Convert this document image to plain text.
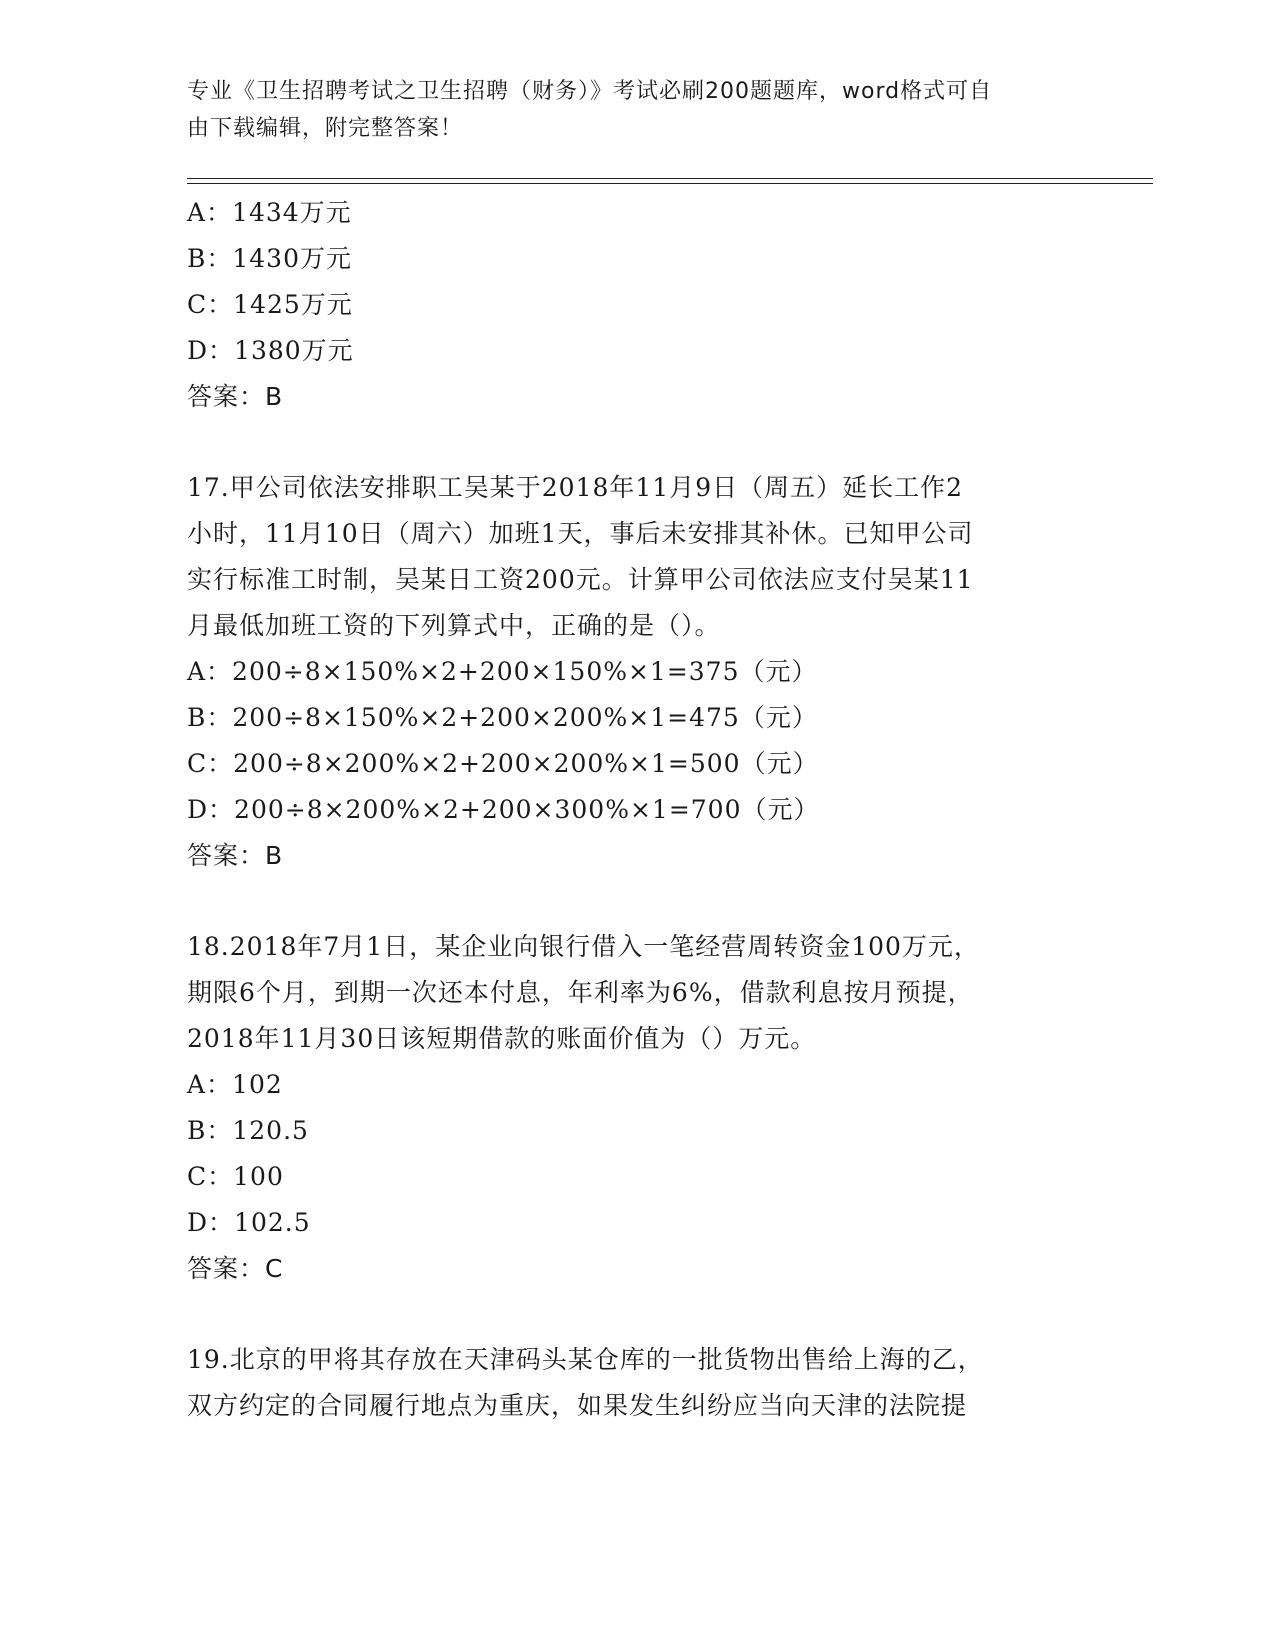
专业《卫生招聘考试之卫生招聘（财务）》考试必刷200题题库，word格式可自
由下载编辑，附完整答案！
A：1434万元
B：1430万元
C：1425万元
D：1380万元
答案：B
17.甲公司依法安排职工吴某于2018年11月9日（周五）延长工作2
小时，11月10日（周六）加班1天，事后未安排其补休。已知甲公司
实行标准工时制，吴某日工资200元。计算甲公司依法应支付吴某11
月最低加班工资的下列算式中，正确的是（）。
A：200÷8×150%×2+200×150%×1=375（元）
B：200÷8×150%×2+200×200%×1=475（元）
C：200÷8×200%×2+200×200%×1=500（元）
D：200÷8×200%×2+200×300%×1=700（元）
答案：B
18.2018年7月1日，某企业向银行借入一笔经营周转资金100万元，
期限6个月，到期一次还本付息，年利率为6%，借款利息按月预提，
2018年11月30日该短期借款的账面价值为（）万元。
A：102
B：120.5
C：100
D：102.5
答案：C
19.北京的甲将其存放在天津码头某仓库的一批货物出售给上海的乙，
双方约定的合同履行地点为重庆，如果发生纠纷应当向天津的法院提
